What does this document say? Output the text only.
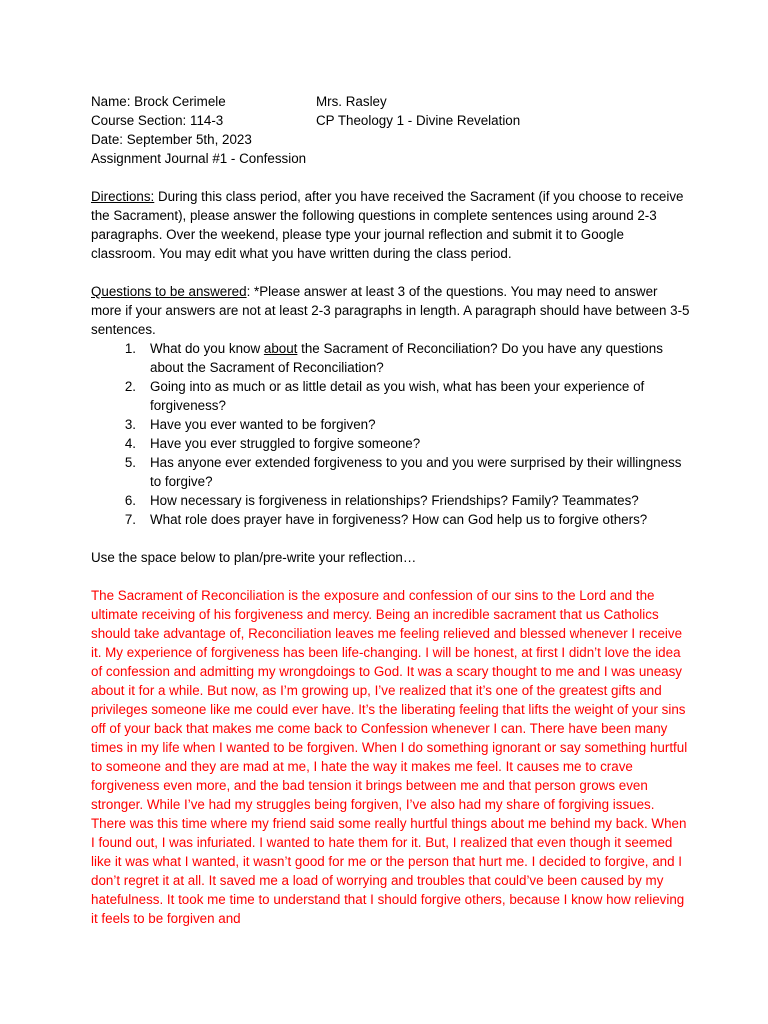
Name: Brock Cerimele	Mrs. Rasley
Course Section: 114-3	CP Theology 1 - Divine Revelation
Date: September 5th, 2023
Assignment Journal #1 - Confession
Directions: During this class period, after you have received the Sacrament (if you choose to receive the Sacrament), please answer the following questions in complete sentences using around 2-3 paragraphs. Over the weekend, please type your journal reflection and submit it to Google classroom. You may edit what you have written during the class period.
Questions to be answered: *Please answer at least 3 of the questions. You may need to answer more if your answers are not at least 2-3 paragraphs in length. A paragraph should have between 3-5 sentences.
1. What do you know about the Sacrament of Reconciliation? Do you have any questions about the Sacrament of Reconciliation?
2. Going into as much or as little detail as you wish, what has been your experience of forgiveness?
3. Have you ever wanted to be forgiven?
4. Have you ever struggled to forgive someone?
5. Has anyone ever extended forgiveness to you and you were surprised by their willingness to forgive?
6. How necessary is forgiveness in relationships? Friendships? Family? Teammates?
7. What role does prayer have in forgiveness? How can God help us to forgive others?
Use the space below to plan/pre-write your reflection…
The Sacrament of Reconciliation is the exposure and confession of our sins to the Lord and the ultimate receiving of his forgiveness and mercy. Being an incredible sacrament that us Catholics should take advantage of, Reconciliation leaves me feeling relieved and blessed whenever I receive it. My experience of forgiveness has been life-changing. I will be honest, at first I didn’t love the idea of confession and admitting my wrongdoings to God. It was a scary thought to me and I was uneasy about it for a while. But now, as I’m growing up, I’ve realized that it’s one of the greatest gifts and privileges someone like me could ever have. It’s the liberating feeling that lifts the weight of your sins off of your back that makes me come back to Confession whenever I can. There have been many times in my life when I wanted to be forgiven. When I do something ignorant or say something hurtful to someone and they are mad at me, I hate the way it makes me feel. It causes me to crave forgiveness even more, and the bad tension it brings between me and that person grows even stronger. While I’ve had my struggles being forgiven, I’ve also had my share of forgiving issues. There was this time where my friend said some really hurtful things about me behind my back. When I found out, I was infuriated. I wanted to hate them for it. But, I realized that even though it seemed like it was what I wanted, it wasn’t good for me or the person that hurt me. I decided to forgive, and I don’t regret it at all. It saved me a load of worrying and troubles that could’ve been caused by my hatefulness. It took me time to understand that I should forgive others, because I know how relieving it feels to be forgiven and
